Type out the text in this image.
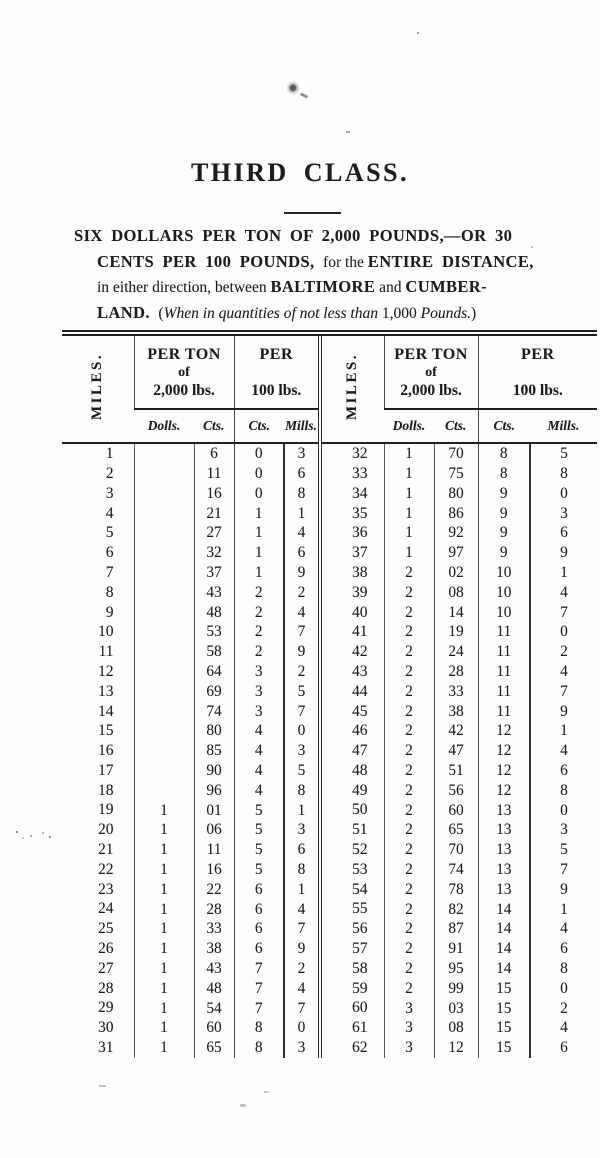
THIRD CLASS.
SIX DOLLARS PER TON OF 2,000 POUNDS,—OR 30
CENTS PER 100 POUNDS, for the ENTIRE DISTANCE,
in either direction, between BALTIMORE and CUMBER-
LAND. (When in quantities of not less than 1,000 Pounds.)
MILES.	PER TON
of
2,000 lbs.

PER
100 lbs.	MILES.	PER TON
of
2,000 lbs.

PER
100 lbs.

	Dolls.	Cts.	Cts.	Mills.		Dolls.	Cts.	Cts.	Mills.
1		6	0	3	32	1	70	8	5
2		11	0	6	33	1	75	8	8
3		16	0	8	34	1	80	9	0
4		21	1	1	35	1	86	9	3
5		27	1	4	36	1	92	9	6
6		32	1	6	37	1	97	9	9
7		37	1	9	38	2	02	10	1
8		43	2	2	39	2	08	10	4
9		48	2	4	40	2	14	10	7
10		53	2	7	41	2	19	11	0
11		58	2	9	42	2	24	11	2
12		64	3	2	43	2	28	11	4
13		69	3	5	44	2	33	11	7
14		74	3	7	45	2	38	11	9
15		80	4	0	46	2	42	12	1
16		85	4	3	47	2	47	12	4
17		90	4	5	48	2	51	12	6
18		96	4	8	49	2	56	12	8
19	1	01	5	1	50	2	60	13	0
20	1	06	5	3	51	2	65	13	3
21	1	11	5	6	52	2	70	13	5
22	1	16	5	8	53	2	74	13	7
23	1	22	6	1	54	2	78	13	9
24	1	28	6	4	55	2	82	14	1
25	1	33	6	7	56	2	87	14	4
26	1	38	6	9	57	2	91	14	6
27	1	43	7	2	58	2	95	14	8
28	1	48	7	4	59	2	99	15	0
29	1	54	7	7	60	3	03	15	2
30	1	60	8	0	61	3	08	15	4
31	1	65	8	3	62	3	12	15	6
